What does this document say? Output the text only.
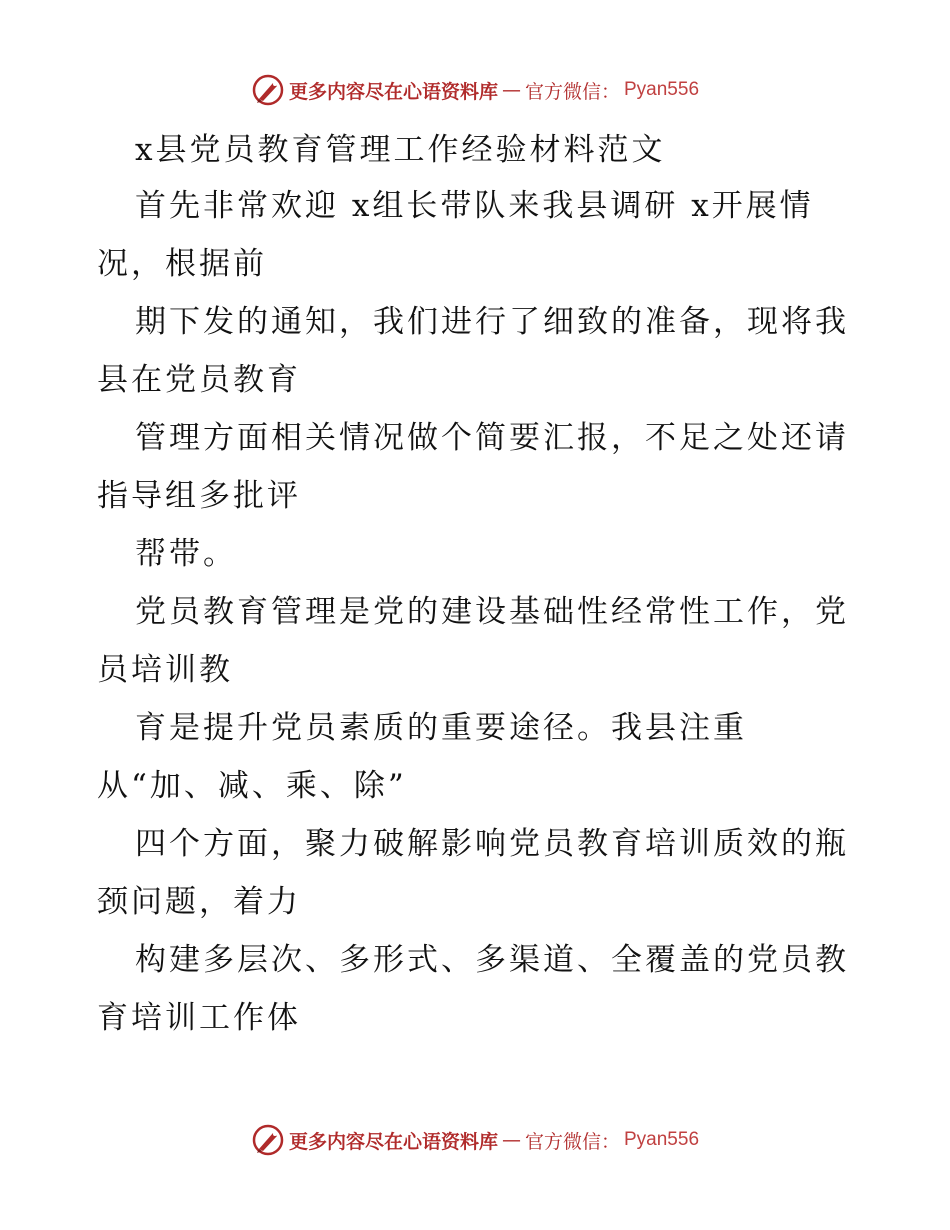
更多内容尽在心语资料库 — 官方微信： Pyan556
x县党员教育管理工作经验材料范文
首先非常欢迎 x组长带队来我县调研 x开展情
况，根据前
期下发的通知，我们进行了细致的准备，现将我
县在党员教育
管理方面相关情况做个简要汇报，不足之处还请
指导组多批评
帮带。
党员教育管理是党的建设基础性经常性工作，党
员培训教
育是提升党员素质的重要途径。我县注重
从“加、减、乘、除”
四个方面，聚力破解影响党员教育培训质效的瓶
颈问题，着力
构建多层次、多形式、多渠道、全覆盖的党员教
育培训工作体
更多内容尽在心语资料库 — 官方微信： Pyan556
